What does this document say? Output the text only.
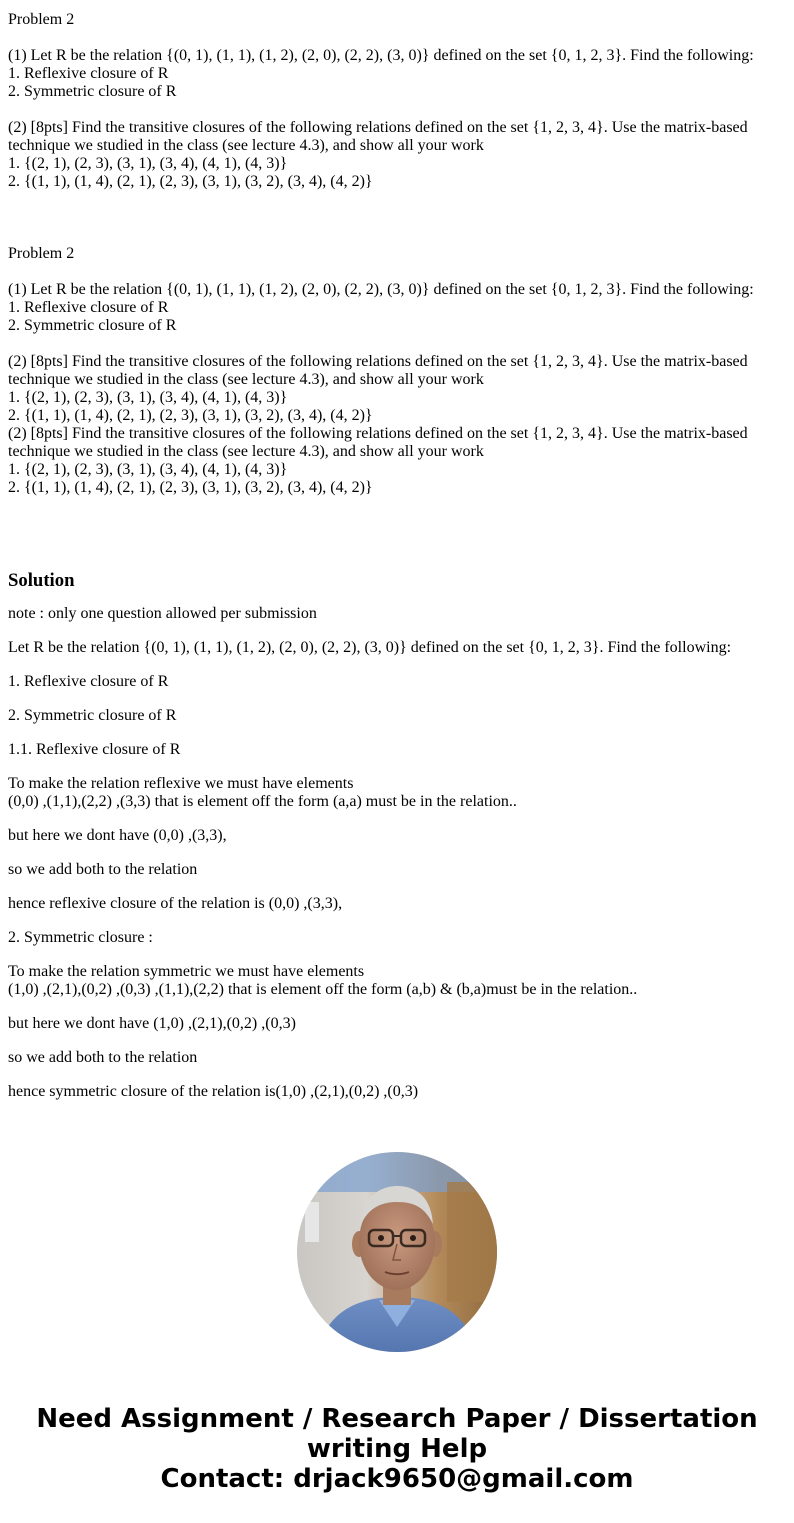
Problem 2

(1) Let R be the relation {(0, 1), (1, 1), (1, 2), (2, 0), (2, 2), (3, 0)} defined on the set {0, 1, 2, 3}. Find the following:

1. Reflexive closure of R

2. Symmetric closure of R

(2) [8pts] Find the transitive closures of the following relations defined on the set {1, 2, 3, 4}. Use the matrix-based technique we studied in the class (see lecture 4.3), and show all your work

1. {(2, 1), (2, 3), (3, 1), (3, 4), (4, 1), (4, 3)}

2. {(1, 1), (1, 4), (2, 1), (2, 3), (3, 1), (3, 2), (3, 4), (4, 2)}

Problem 2

(1) Let R be the relation {(0, 1), (1, 1), (1, 2), (2, 0), (2, 2), (3, 0)} defined on the set {0, 1, 2, 3}. Find the following:

1. Reflexive closure of R

2. Symmetric closure of R

(2) [8pts] Find the transitive closures of the following relations defined on the set {1, 2, 3, 4}. Use the matrix-based technique we studied in the class (see lecture 4.3), and show all your work

1. {(2, 1), (2, 3), (3, 1), (3, 4), (4, 1), (4, 3)}

2. {(1, 1), (1, 4), (2, 1), (2, 3), (3, 1), (3, 2), (3, 4), (4, 2)}

(2) [8pts] Find the transitive closures of the following relations defined on the set {1, 2, 3, 4}. Use the matrix-based technique we studied in the class (see lecture 4.3), and show all your work

1. {(2, 1), (2, 3), (3, 1), (3, 4), (4, 1), (4, 3)}

2. {(1, 1), (1, 4), (2, 1), (2, 3), (3, 1), (3, 2), (3, 4), (4, 2)}

Solution

note : only one question allowed per submission

Let R be the relation {(0, 1), (1, 1), (1, 2), (2, 0), (2, 2), (3, 0)} defined on the set {0, 1, 2, 3}. Find the following:

1. Reflexive closure of R

2. Symmetric closure of R

1.1. Reflexive closure of R

To make the relation reflexive we must have elements
(0,0) ,(1,1),(2,2) ,(3,3) that is element off the form (a,a) must be in the relation..

but here we dont have (0,0) ,(3,3),

so we add both to the relation

hence reflexive closure of the relation is (0,0) ,(3,3),

2. Symmetric closure :

To make the relation symmetric we must have elements
(1,0) ,(2,1),(0,2) ,(0,3) ,(1,1),(2,2) that is element off the form (a,b) & (b,a)must be in the relation..

but here we dont have (1,0) ,(2,1),(0,2) ,(0,3)

so we add both to the relation

hence symmetric closure of the relation is(1,0) ,(2,1),(0,2) ,(0,3)

Need Assignment / Research Paper / Dissertation
writing Help
Contact: drjack9650@gmail.com
